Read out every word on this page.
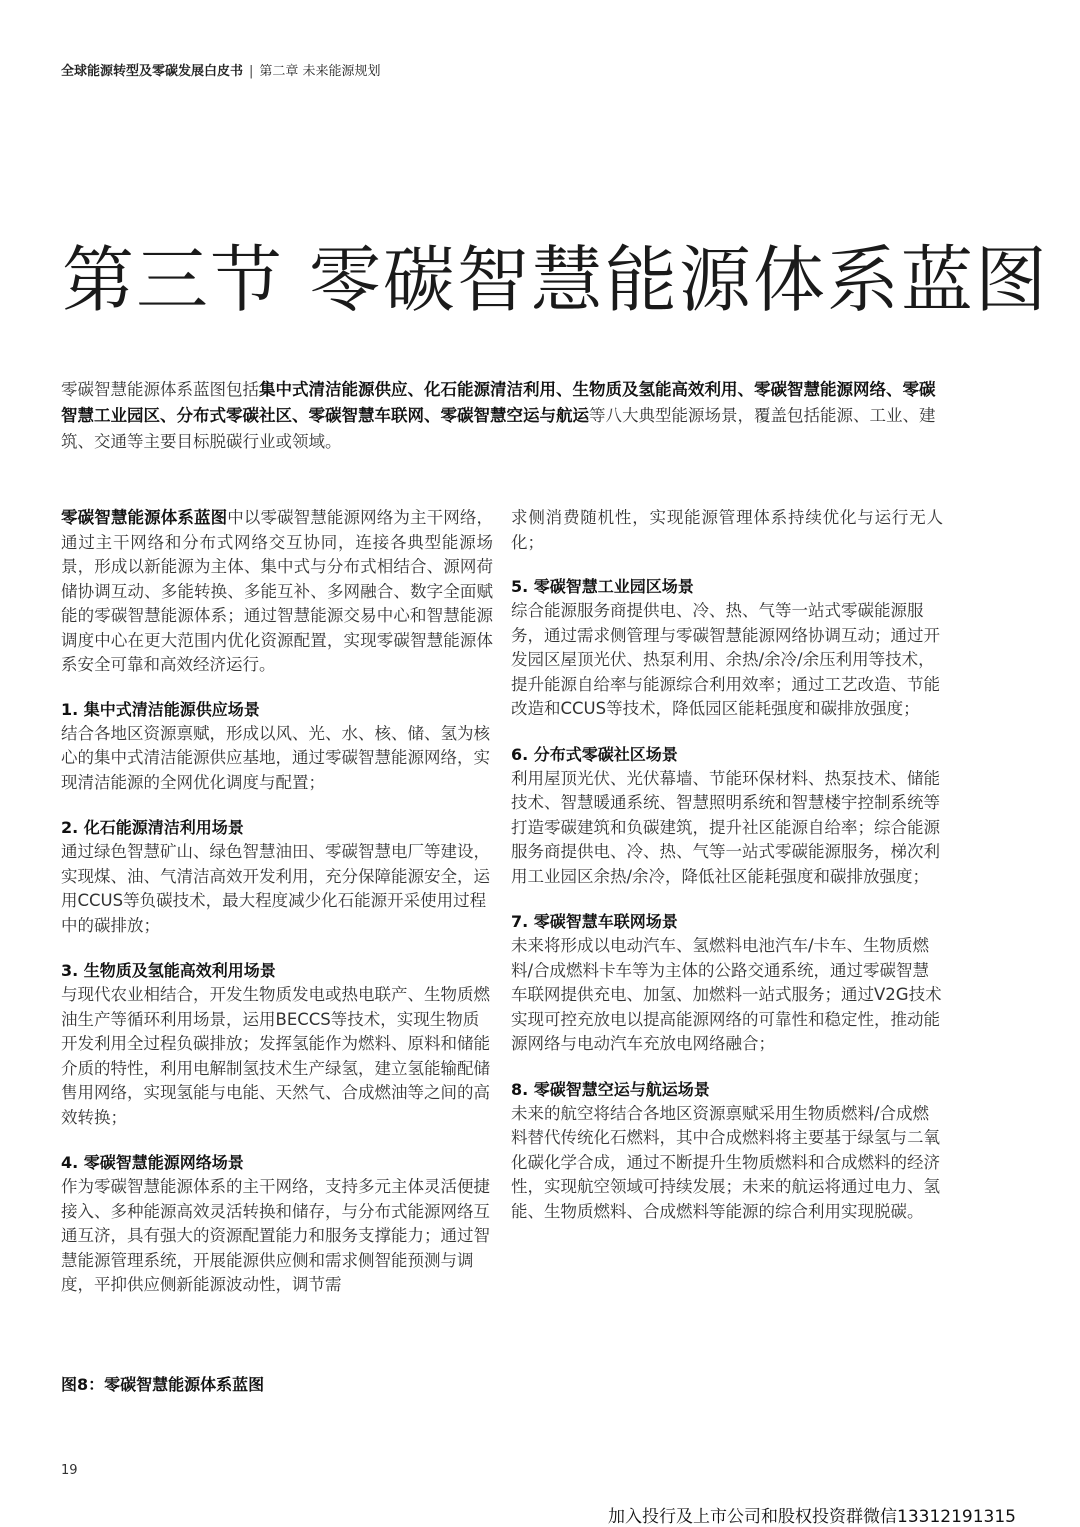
全球能源转型及零碳发展白皮书 | 第二章 未来能源规划
第三节 零碳智慧能源体系蓝图

零碳智慧能源体系蓝图包括集中式清洁能源供应、化石能源清洁利用、生物质及氢能高效利用、零碳智慧能源网络、零碳智慧工业园区、分布式零碳社区、零碳智慧车联网、零碳智慧空运与航运等八大典型能源场景，覆盖包括能源、工业、建筑、交通等主要目标脱碳行业或领域。

零碳智慧能源体系蓝图中以零碳智慧能源网络为主干网络，通过主干网络和分布式网络交互协同，连接各典型能源场景，形成以新能源为主体、集中式与分布式相结合、源网荷储协调互动、多能转换、多能互补、多网融合、数字全面赋能的零碳智慧能源体系；通过智慧能源交易中心和智慧能源调度中心在更大范围内优化资源配置，实现零碳智慧能源体系安全可靠和高效经济运行。

1. 集中式清洁能源供应场景

结合各地区资源禀赋，形成以风、光、水、核、储、氢为核心的集中式清洁能源供应基地，通过零碳智慧能源网络，实现清洁能源的全网优化调度与配置；

2. 化石能源清洁利用场景

通过绿色智慧矿山、绿色智慧油田、零碳智慧电厂等建设，实现煤、油、气清洁高效开发利用，充分保障能源安全，运用CCUS等负碳技术，最大程度减少化石能源开采使用过程中的碳排放；

3. 生物质及氢能高效利用场景

与现代农业相结合，开发生物质发电或热电联产、生物质燃油生产等循环利用场景，运用BECCS等技术，实现生物质开发利用全过程负碳排放；发挥氢能作为燃料、原料和储能介质的特性，利用电解制氢技术生产绿氢，建立氢能输配储售用网络，实现氢能与电能、天然气、合成燃油等之间的高效转换；

4. 零碳智慧能源网络场景

作为零碳智慧能源体系的主干网络，支持多元主体灵活便捷接入、多种能源高效灵活转换和储存，与分布式能源网络互通互济，具有强大的资源配置能力和服务支撑能力；通过智慧能源管理系统，开展能源供应侧和需求侧智能预测与调度，平抑供应侧新能源波动性，调节需

求侧消费随机性，实现能源管理体系持续优化与运行无人化；

5. 零碳智慧工业园区场景

综合能源服务商提供电、冷、热、气等一站式零碳能源服务，通过需求侧管理与零碳智慧能源网络协调互动；通过开发园区屋顶光伏、热泵利用、余热/余冷/余压利用等技术，提升能源自给率与能源综合利用效率；通过工艺改造、节能改造和CCUS等技术，降低园区能耗强度和碳排放强度；

6. 分布式零碳社区场景

利用屋顶光伏、光伏幕墙、节能环保材料、热泵技术、储能技术、智慧暖通系统、智慧照明系统和智慧楼宇控制系统等打造零碳建筑和负碳建筑，提升社区能源自给率；综合能源服务商提供电、冷、热、气等一站式零碳能源服务，梯次利用工业园区余热/余冷，降低社区能耗强度和碳排放强度；

7. 零碳智慧车联网场景

未来将形成以电动汽车、氢燃料电池汽车/卡车、生物质燃料/合成燃料卡车等为主体的公路交通系统，通过零碳智慧车联网提供充电、加氢、加燃料一站式服务；通过V2G技术实现可控充放电以提高能源网络的可靠性和稳定性，推动能源网络与电动汽车充放电网络融合；

8. 零碳智慧空运与航运场景

未来的航空将结合各地区资源禀赋采用生物质燃料/合成燃料替代传统化石燃料，其中合成燃料将主要基于绿氢与二氧化碳化学合成，通过不断提升生物质燃料和合成燃料的经济性，实现航空领域可持续发展；未来的航运将通过电力、氢能、生物质燃料、合成燃料等能源的综合利用实现脱碳。

图8：零碳智慧能源体系蓝图
19
加入投行及上市公司和股权投资群微信13312191315
